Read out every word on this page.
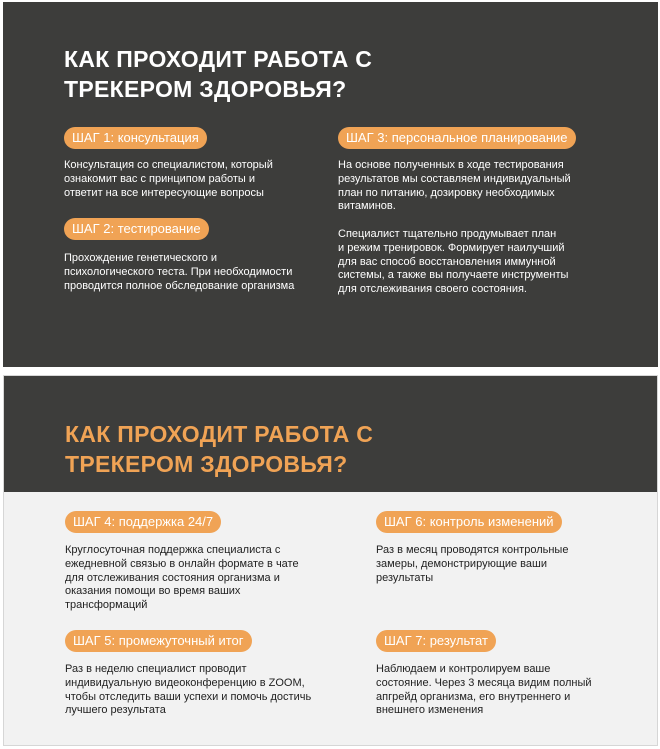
КАК ПРОХОДИТ РАБОТА С
ТРЕКЕРОМ ЗДОРОВЬЯ?
ШАГ 1: консультация

Консультация со специалистом, который
ознакомит вас с принципом работы и
ответит на все интересующие вопросы

ШАГ 2: тестирование

Прохождение генетического и
психологического теста. При необходимости
проводится полное обследование организма

ШАГ 3: персональное планирование

На основе полученных в ходе тестирования
результатов мы составляем индивидуальный
план по питанию, дозировку необходимых
витаминов.

Специалист тщательно продумывает план
и режим тренировок. Формирует наилучший
для вас способ восстановления иммунной
системы, а также вы получаете инструменты
для отслеживания своего состояния.

КАК ПРОХОДИТ РАБОТА С
ТРЕКЕРОМ ЗДОРОВЬЯ?
ШАГ 4: поддержка 24/7

Круглосуточная поддержка специалиста с
ежедневной связью в онлайн формате в чате
для отслеживания состояния организма и
оказания помощи во время ваших
трансформаций

ШАГ 5: промежуточный итог

Раз в неделю специалист проводит
индивидуальную видеоконференцию в ZOOM,
чтобы отследить ваши успехи и помочь достичь
лучшего результата

ШАГ 6: контроль изменений

Раз в месяц проводятся контрольные
замеры, демонстрирующие ваши
результаты

ШАГ 7: результат

Наблюдаем и контролируем ваше
состояние. Через 3 месяца видим полный
апгрейд организма, его внутреннего и
внешнего изменения
